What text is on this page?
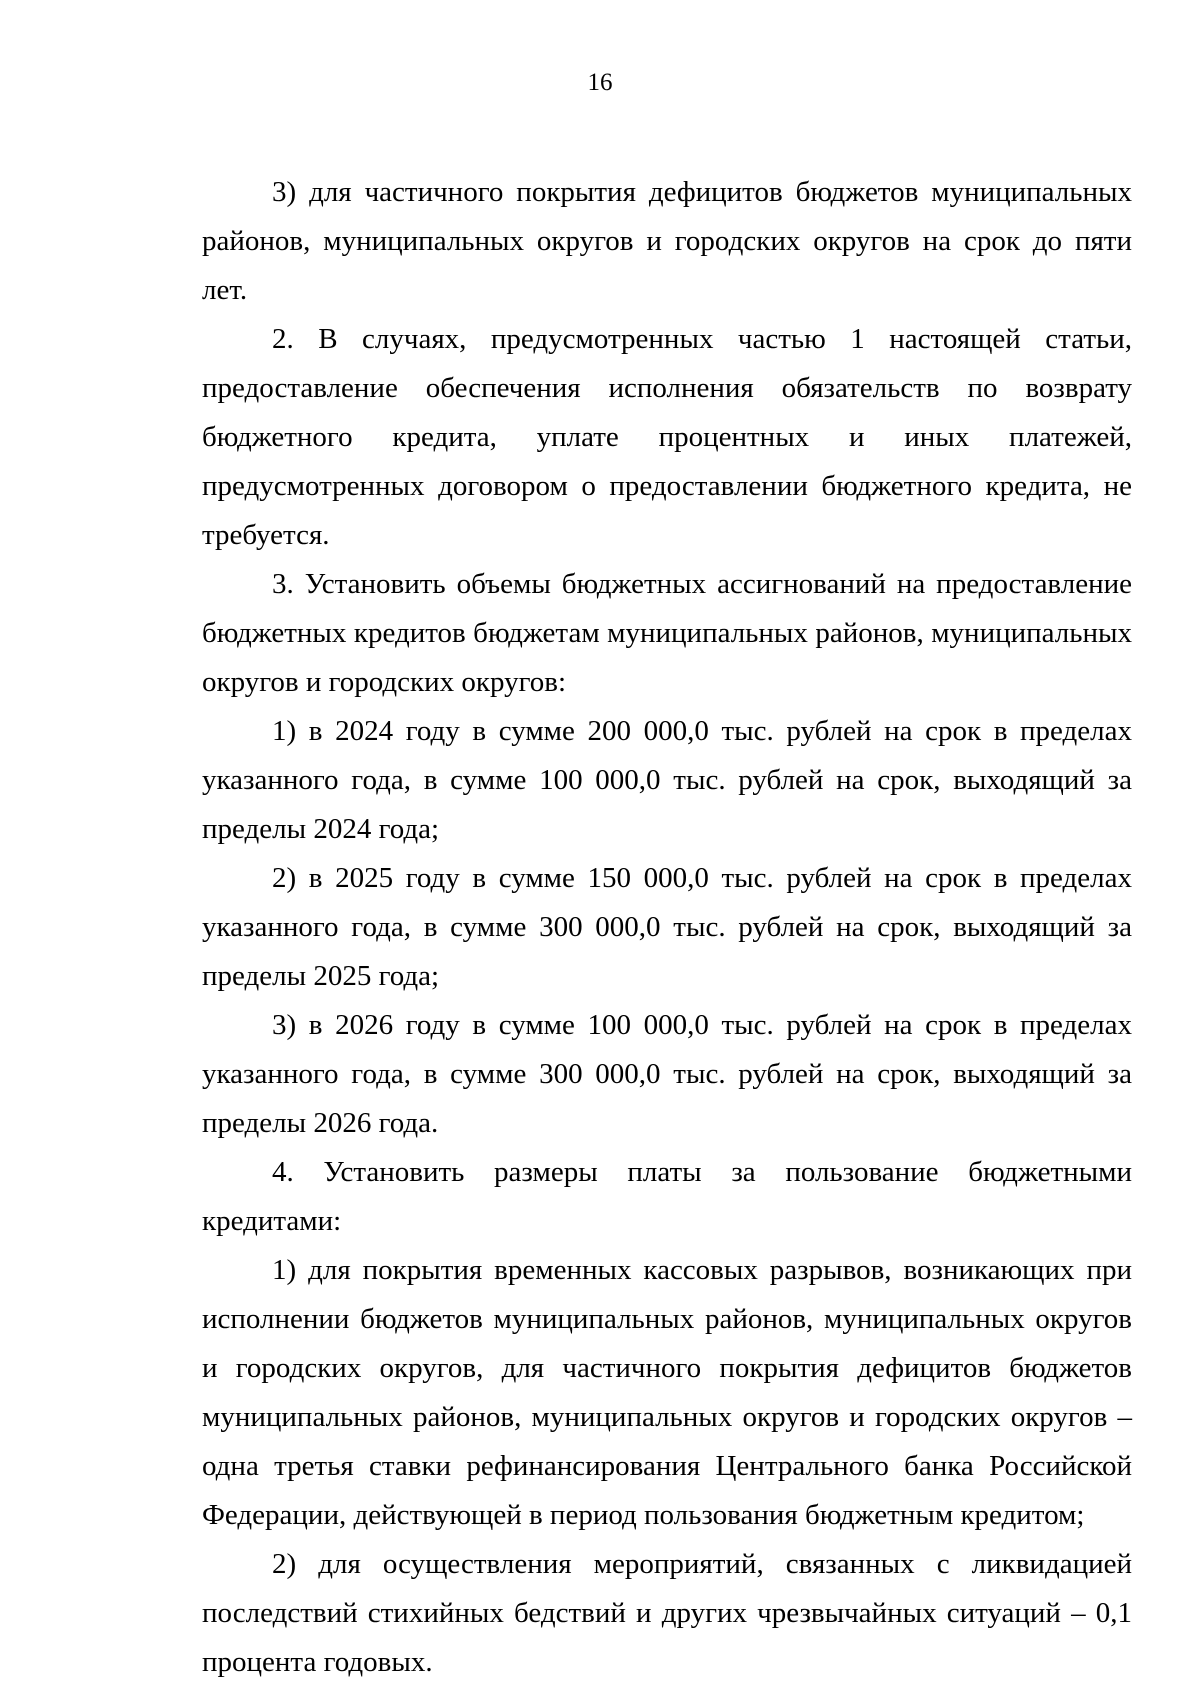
16

3) для частичного покрытия дефицитов бюджетов муниципальных районов, муниципальных округов и городских округов на срок до пяти лет.

2. В случаях, предусмотренных частью 1 настоящей статьи, предоставление обеспечения исполнения обязательств по возврату бюджетного кредита, уплате процентных и иных платежей, предусмотренных договором о предоставлении бюджетного кредита, не требуется.

3. Установить объемы бюджетных ассигнований на предоставление бюджетных кредитов бюджетам муниципальных районов, муниципальных округов и городских округов:

1) в 2024 году в сумме 200 000,0 тыс. рублей на срок в пределах указанного года, в сумме 100 000,0 тыс. рублей на срок, выходящий за пределы 2024 года;

2) в 2025 году в сумме 150 000,0 тыс. рублей на срок в пределах указанного года, в сумме 300 000,0 тыс. рублей на срок, выходящий за пределы 2025 года;

3) в 2026 году в сумме 100 000,0 тыс. рублей на срок в пределах указанного года, в сумме 300 000,0 тыс. рублей на срок, выходящий за пределы 2026 года.

4. Установить размеры платы за пользование бюджетными кредитами:

1) для покрытия временных кассовых разрывов, возникающих при исполнении бюджетов муниципальных районов, муниципальных округов и городских округов, для частичного покрытия дефицитов бюджетов муниципальных районов, муниципальных округов и городских округов – одна третья ставки рефинансирования Центрального банка Российской Федерации, действующей в период пользования бюджетным кредитом;

2) для осуществления мероприятий, связанных с ликвидацией последствий стихийных бедствий и других чрезвычайных ситуаций – 0,1 процента годовых.
